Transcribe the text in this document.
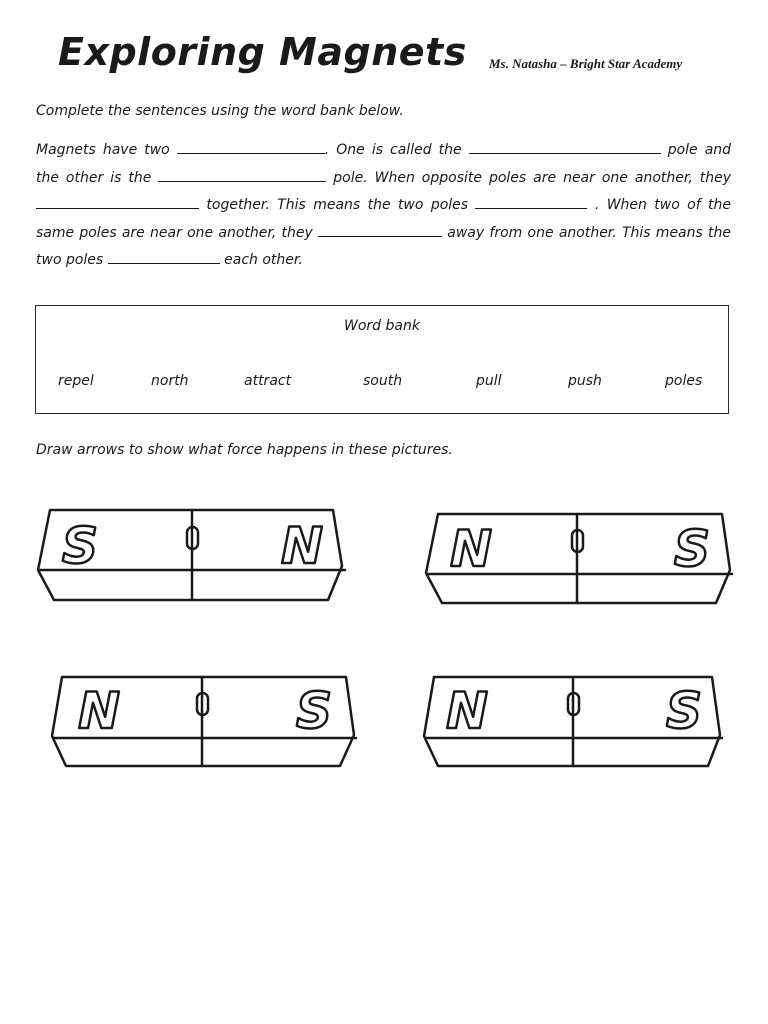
Exploring Magnets Ms. Natasha – Bright Star Academy
Complete the sentences using the word bank below.

Magnets have two	. One is called the	pole and the other is the	pole. When opposite poles are near one another, they  together. This means the two poles	. When two of the same poles are near one another, they	away from one another. This means the two poles	each other.

Word bank
repel	north	attract	south	pull	push	poles
Draw arrows to show what force happens in these pictures.
S	N	N	S
N	S N	S
